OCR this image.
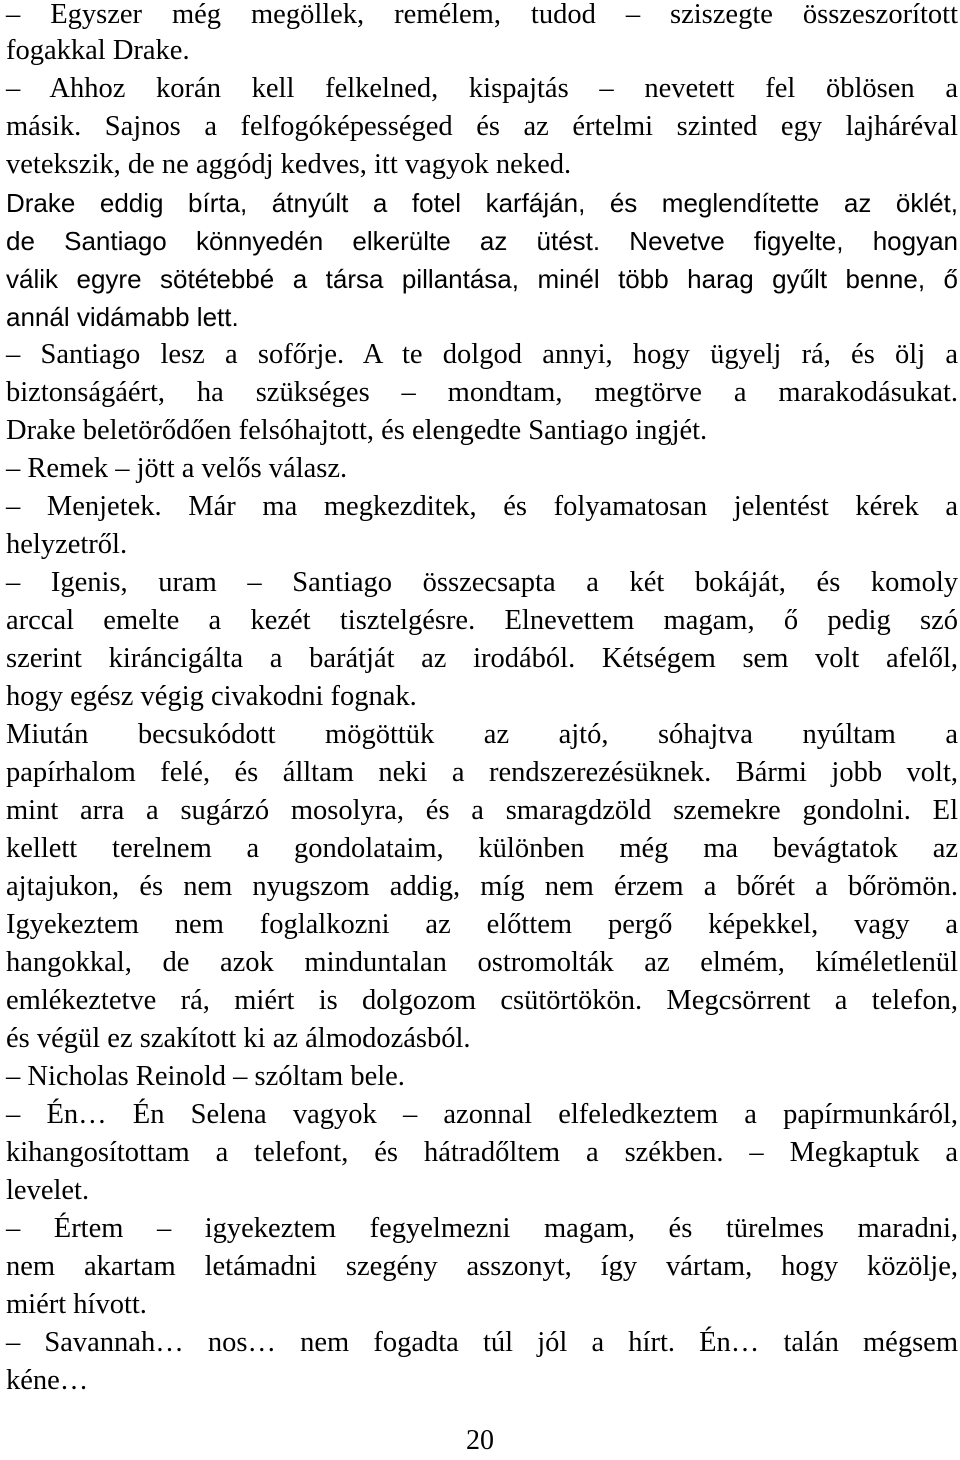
– Egyszer még megöllek, remélem, tudod – sziszegte összeszorított
fogakkal Drake.
– Ahhoz korán kell felkelned, kispajtás – nevetett fel öblösen a
másik. Sajnos a felfogóképességed és az értelmi szinted egy lajháréval
vetekszik, de ne aggódj kedves, itt vagyok neked.
Drake eddig bírta, átnyúlt a fotel karfáján, és meglendítette az öklét,
de Santiago könnyedén elkerülte az ütést. Nevetve figyelte, hogyan
válik egyre sötétebbé a társa pillantása, minél több harag gyűlt benne, ő
annál vidámabb lett.
– Santiago lesz a sofőrje. A te dolgod annyi, hogy ügyelj rá, és ölj a
biztonságáért, ha szükséges – mondtam, megtörve a marakodásukat.
Drake beletörődően felsóhajtott, és elengedte Santiago ingjét.
– Remek – jött a velős válasz.
– Menjetek. Már ma megkezditek, és folyamatosan jelentést kérek a
helyzetről.
– Igenis, uram – Santiago összecsapta a két bokáját, és komoly
arccal emelte a kezét tisztelgésre. Elnevettem magam, ő pedig szó
szerint kiráncigálta a barátját az irodából. Kétségem sem volt afelől,
hogy egész végig civakodni fognak.
Miután becsukódott mögöttük az ajtó, sóhajtva nyúltam a
papírhalom felé, és álltam neki a rendszerezésüknek. Bármi jobb volt,
mint arra a sugárzó mosolyra, és a smaragdzöld szemekre gondolni. El
kellett terelnem a gondolataim, különben még ma bevágtatok az
ajtajukon, és nem nyugszom addig, míg nem érzem a bőrét a bőrömön.
Igyekeztem nem foglalkozni az előttem pergő képekkel, vagy a
hangokkal, de azok minduntalan ostromolták az elmém, kíméletlenül
emlékeztetve rá, miért is dolgozom csütörtökön. Megcsörrent a telefon,
és végül ez szakított ki az álmodozásból.
– Nicholas Reinold – szóltam bele.
– Én… Én Selena vagyok – azonnal elfeledkeztem a papírmunkáról,
kihangosítottam a telefont, és hátradőltem a székben. – Megkaptuk a
levelet.
– Értem – igyekeztem fegyelmezni magam, és türelmes maradni,
nem akartam letámadni szegény asszonyt, így vártam, hogy közölje,
miért hívott.
– Savannah… nos… nem fogadta túl jól a hírt. Én… talán mégsem
kéne…
20
